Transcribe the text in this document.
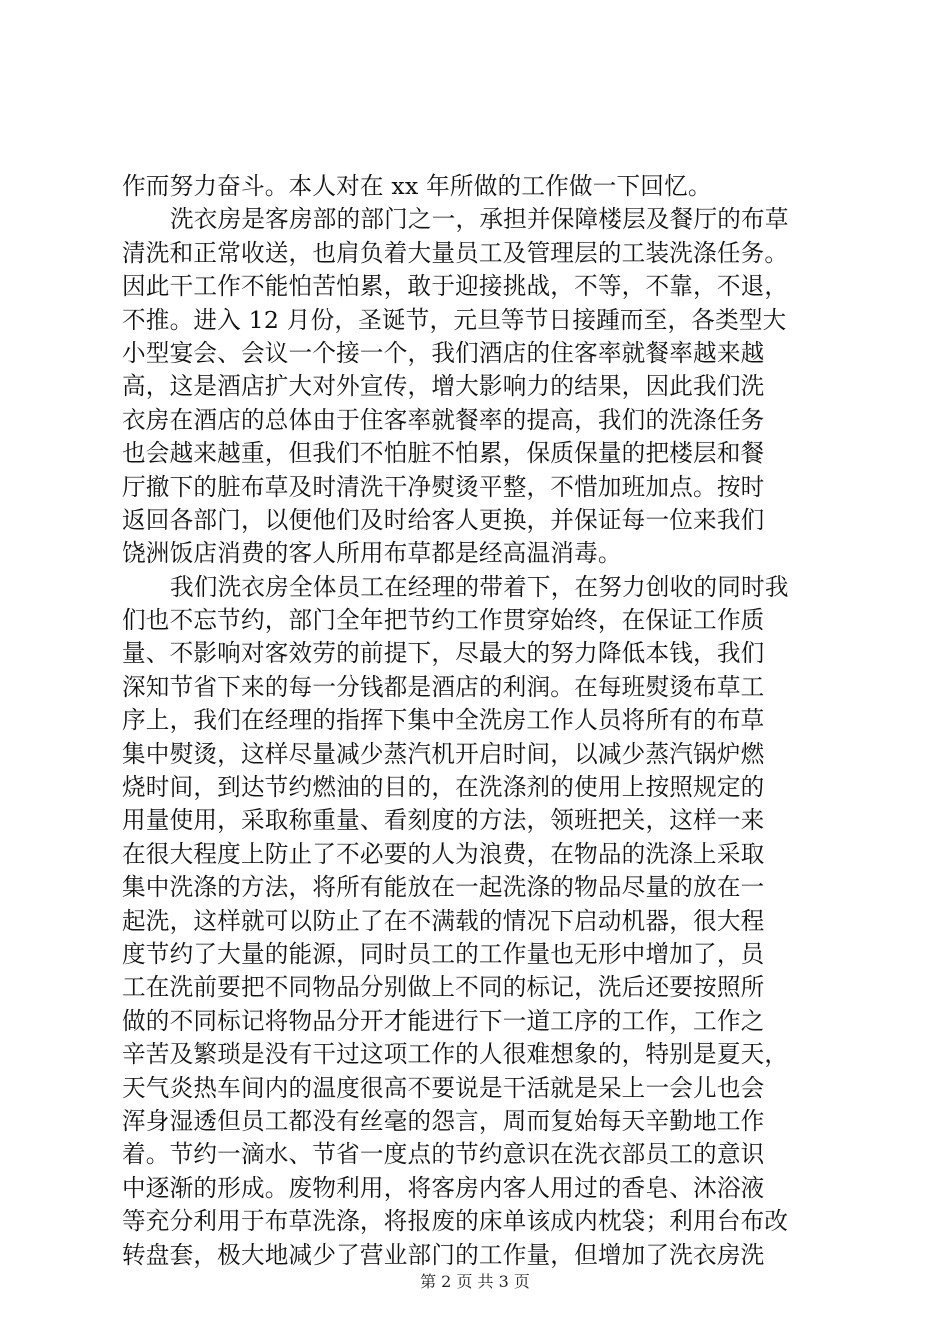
作而努力奋斗。本人对在 xx 年所做的工作做一下回忆。
洗衣房是客房部的部门之一，承担并保障楼层及餐厅的布草
清洗和正常收送，也肩负着大量员工及管理层的工装洗涤任务。
因此干工作不能怕苦怕累，敢于迎接挑战，不等，不靠，不退，
不推。进入 12 月份，圣诞节，元旦等节日接踵而至，各类型大
小型宴会、会议一个接一个，我们酒店的住客率就餐率越来越
高，这是酒店扩大对外宣传，增大影响力的结果，因此我们洗
衣房在酒店的总体由于住客率就餐率的提高，我们的洗涤任务
也会越来越重，但我们不怕脏不怕累，保质保量的把楼层和餐
厅撤下的脏布草及时清洗干净熨烫平整，不惜加班加点。按时
返回各部门，以便他们及时给客人更换，并保证每一位来我们
饶洲饭店消费的客人所用布草都是经高温消毒。
我们洗衣房全体员工在经理的带着下，在努力创收的同时我
们也不忘节约，部门全年把节约工作贯穿始终，在保证工作质
量、不影响对客效劳的前提下，尽最大的努力降低本钱，我们
深知节省下来的每一分钱都是酒店的利润。在每班熨烫布草工
序上，我们在经理的指挥下集中全洗房工作人员将所有的布草
集中熨烫，这样尽量减少蒸汽机开启时间，以减少蒸汽锅炉燃
烧时间，到达节约燃油的目的，在洗涤剂的使用上按照规定的
用量使用，采取称重量、看刻度的方法，领班把关，这样一来
在很大程度上防止了不必要的人为浪费，在物品的洗涤上采取
集中洗涤的方法，将所有能放在一起洗涤的物品尽量的放在一
起洗，这样就可以防止了在不满载的情况下启动机器，很大程
度节约了大量的能源，同时员工的工作量也无形中增加了，员
工在洗前要把不同物品分别做上不同的标记，洗后还要按照所
做的不同标记将物品分开才能进行下一道工序的工作，工作之
辛苦及繁琐是没有干过这项工作的人很难想象的，特别是夏天，
天气炎热车间内的温度很高不要说是干活就是呆上一会儿也会
浑身湿透但员工都没有丝毫的怨言，周而复始每天辛勤地工作
着。节约一滴水、节省一度点的节约意识在洗衣部员工的意识
中逐渐的形成。废物利用，将客房内客人用过的香皂、沐浴液
等充分利用于布草洗涤，将报废的床单该成内枕袋；利用台布改
转盘套，极大地减少了营业部门的工作量，但增加了洗衣房洗
第 2 页 共 3 页
